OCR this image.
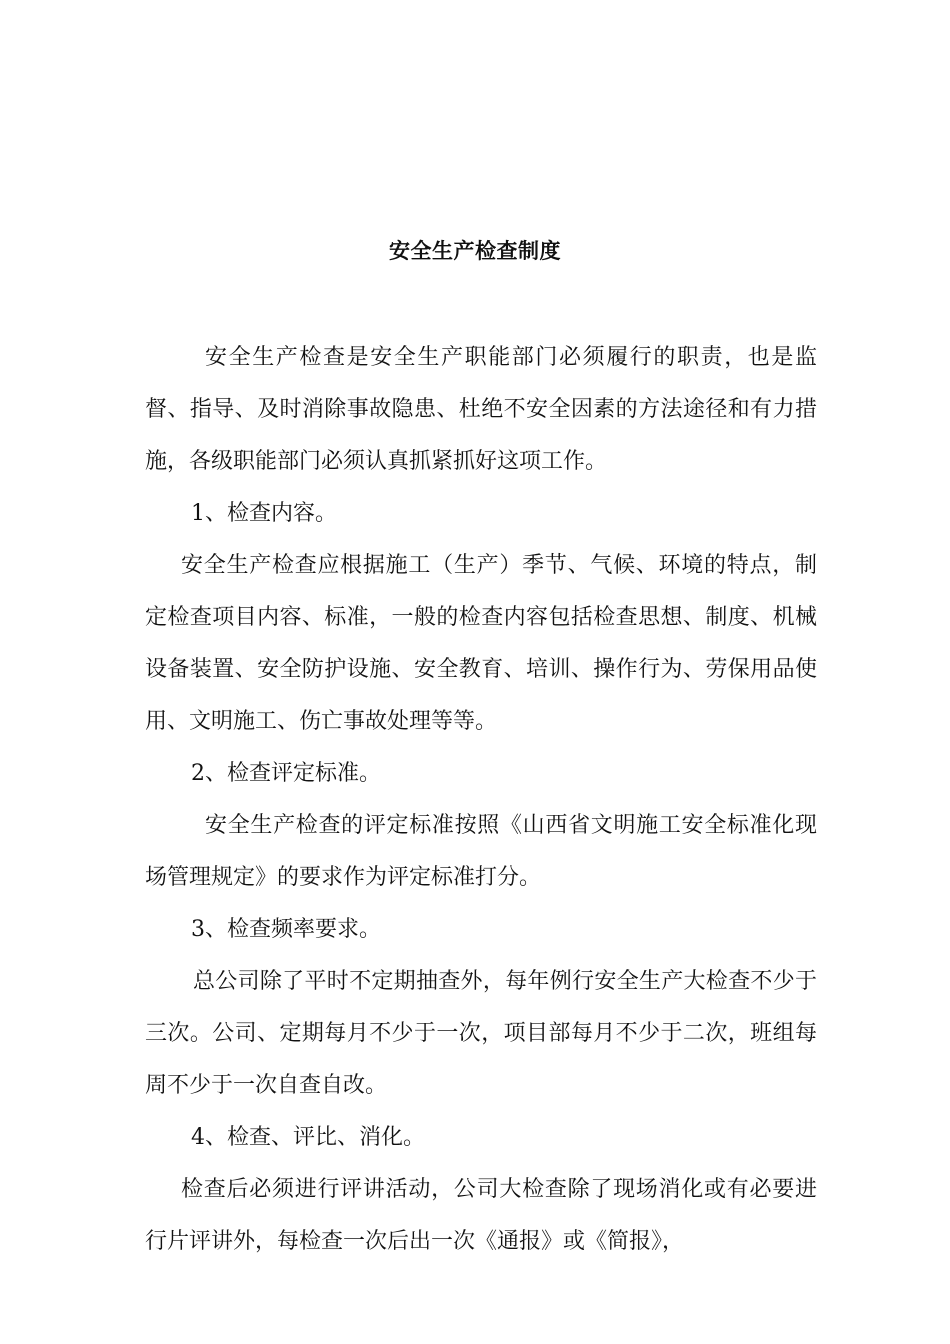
安全生产检查制度

安全生产检查是安全生产职能部门必须履行的职责，也是监督、指导、及时消除事故隐患、杜绝不安全因素的方法途径和有力措施，各级职能部门必须认真抓紧抓好这项工作。

1、检查内容。

安全生产检查应根据施工（生产）季节、气候、环境的特点，制定检查项目内容、标准，一般的检查内容包括检查思想、制度、机械设备装置、安全防护设施、安全教育、培训、操作行为、劳保用品使用、文明施工、伤亡事故处理等等。

2、检查评定标准。

安全生产检查的评定标准按照《山西省文明施工安全标准化现场管理规定》的要求作为评定标准打分。

3、检查频率要求。

总公司除了平时不定期抽查外，每年例行安全生产大检查不少于三次。公司、定期每月不少于一次，项目部每月不少于二次，班组每周不少于一次自查自改。

4、检查、评比、消化。

检查后必须进行评讲活动，公司大检查除了现场消化或有必要进行片评讲外，每检查一次后出一次《通报》或《简报》，
